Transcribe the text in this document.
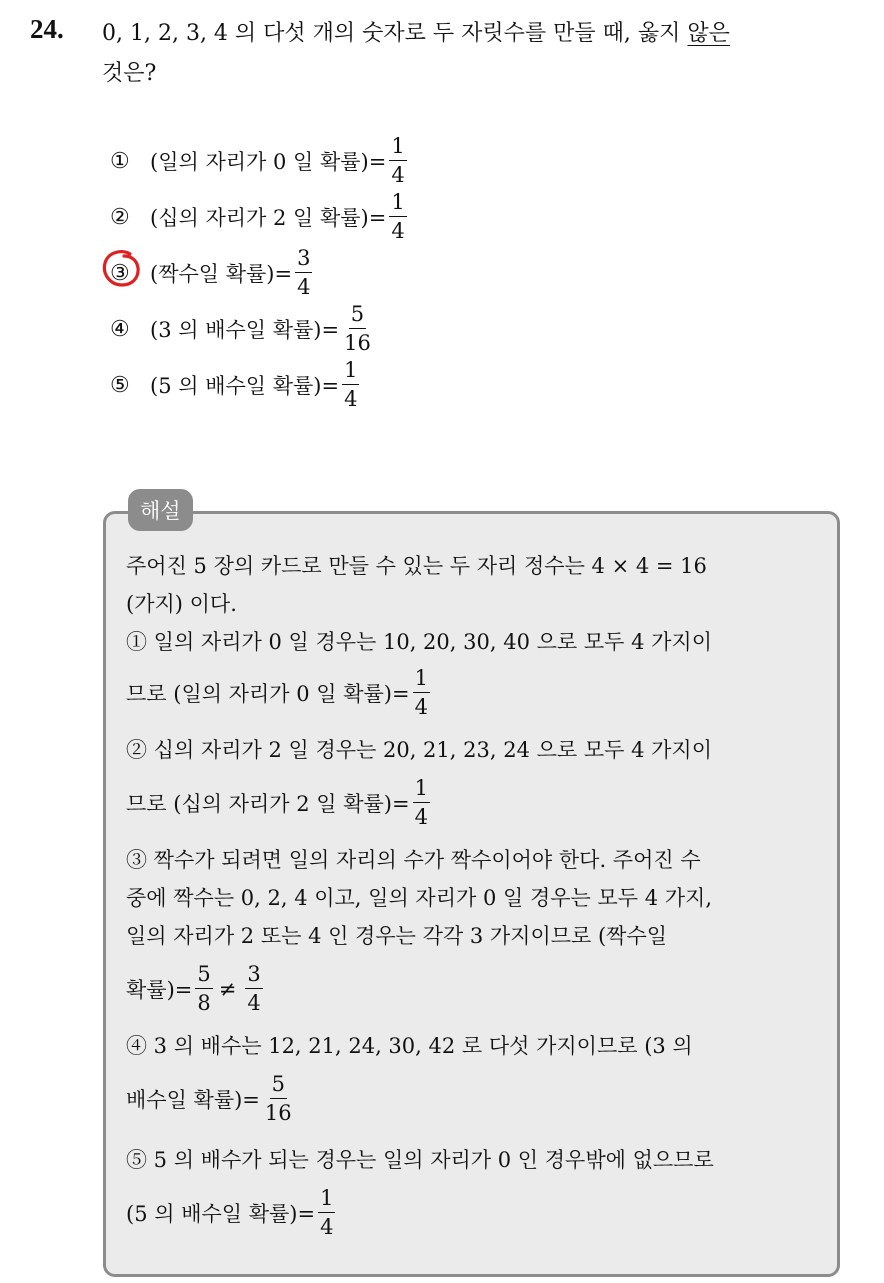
24. 0, 1, 2, 3, 4 의 다섯 개의 숫자로 두 자릿수를 만들 때, 옳지 않은
것은?
① (일의 자리가 0 일 확률)= $\frac{1}{4}$
② (십의 자리가 2 일 확률)= $\frac{1}{4}$
③ (짝수일 확률)= $\frac{3}{4}$
④ (3 의 배수일 확률)= $\frac{5}{16}$
⑤ (5 의 배수일 확률)= $\frac{1}{4}$
해설
주어진 5 장의 카드로 만들 수 있는 두 자리 정수는 4 × 4 = 16
(가지) 이다.
① 일의 자리가 0 일 경우는 10, 20, 30, 40 으로 모두 4 가지이
므로 (일의 자리가 0 일 확률)= $\frac{1}{4}$
② 십의 자리가 2 일 경우는 20, 21, 23, 24 으로 모두 4 가지이
므로 (십의 자리가 2 일 확률)= $\frac{1}{4}$
③ 짝수가 되려면 일의 자리의 수가 짝수이어야 한다. 주어진 수
중에 짝수는 0, 2, 4 이고, 일의 자리가 0 일 경우는 모두 4 가지,
일의 자리가 2 또는 4 인 경우는 각각 3 가지이므로 (짝수일
확률)= $\frac{5}{8} \ne \frac{3}{4}$
④ 3 의 배수는 12, 21, 24, 30, 42 로 다섯 가지이므로 (3 의
배수일 확률)= $\frac{5}{16}$
⑤ 5 의 배수가 되는 경우는 일의 자리가 0 인 경우밖에 없으므로
(5 의 배수일 확률)= $\frac{1}{4}$
